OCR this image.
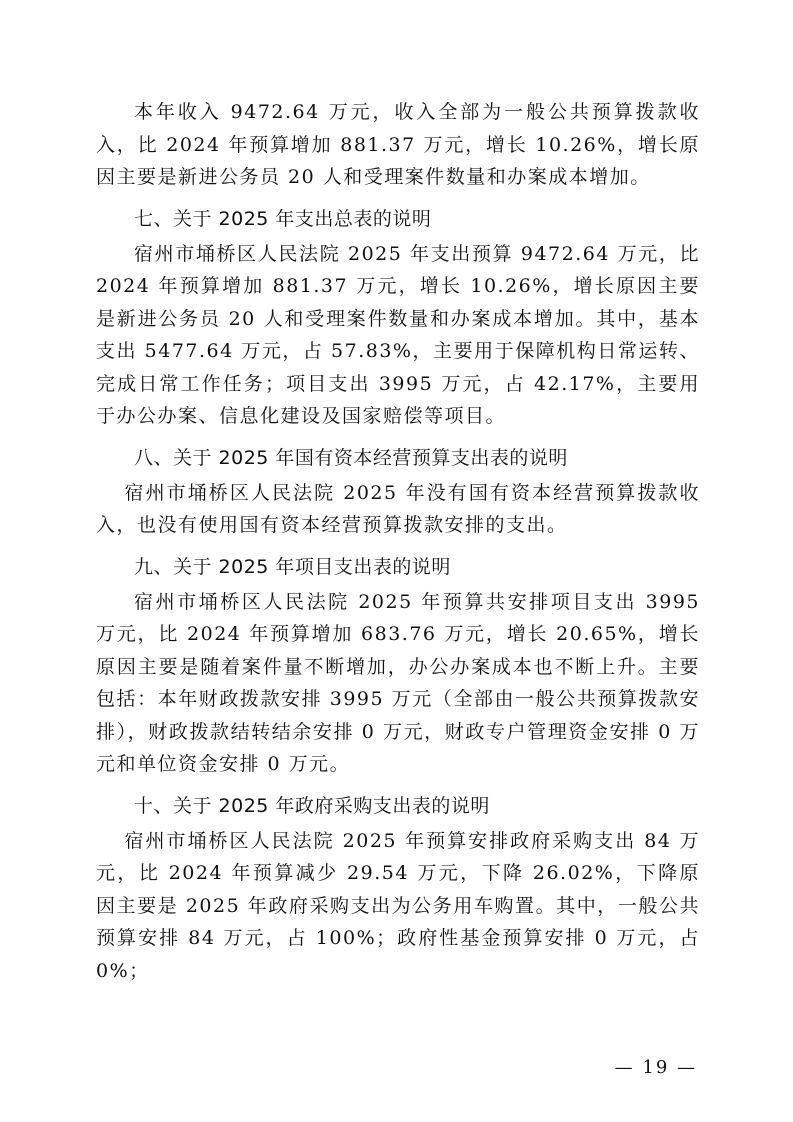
本年收入 9472.64 万元，收入全部为一般公共预算拨款收入，比 2024 年预算增加 881.37 万元，增长 10.26%，增长原因主要是新进公务员 20 人和受理案件数量和办案成本增加。

七、关于 2025 年支出总表的说明

宿州市埇桥区人民法院 2025 年支出预算 9472.64 万元，比 2024 年预算增加 881.37 万元，增长 10.26%，增长原因主要是新进公务员 20 人和受理案件数量和办案成本增加。其中，基本支出 5477.64 万元，占 57.83%，主要用于保障机构日常运转、完成日常工作任务；项目支出 3995 万元，占 42.17%，主要用于办公办案、信息化建设及国家赔偿等项目。

八、关于 2025 年国有资本经营预算支出表的说明

宿州市埇桥区人民法院 2025 年没有国有资本经营预算拨款收入，也没有使用国有资本经营预算拨款安排的支出。

九、关于 2025 年项目支出表的说明

宿州市埇桥区人民法院 2025 年预算共安排项目支出 3995 万元，比 2024 年预算增加 683.76 万元，增长 20.65%，增长原因主要是随着案件量不断增加，办公办案成本也不断上升。主要包括：本年财政拨款安排 3995 万元（全部由一般公共预算拨款安排），财政拨款结转结余安排 0 万元，财政专户管理资金安排 0 万元和单位资金安排 0 万元。

十、关于 2025 年政府采购支出表的说明

宿州市埇桥区人民法院 2025 年预算安排政府采购支出 84 万元，比 2024 年预算减少 29.54 万元，下降 26.02%，下降原因主要是 2025 年政府采购支出为公务用车购置。其中，一般公共预算安排 84 万元，占 100%；政府性基金预算安排 0 万元，占 0%；

— 19 —
